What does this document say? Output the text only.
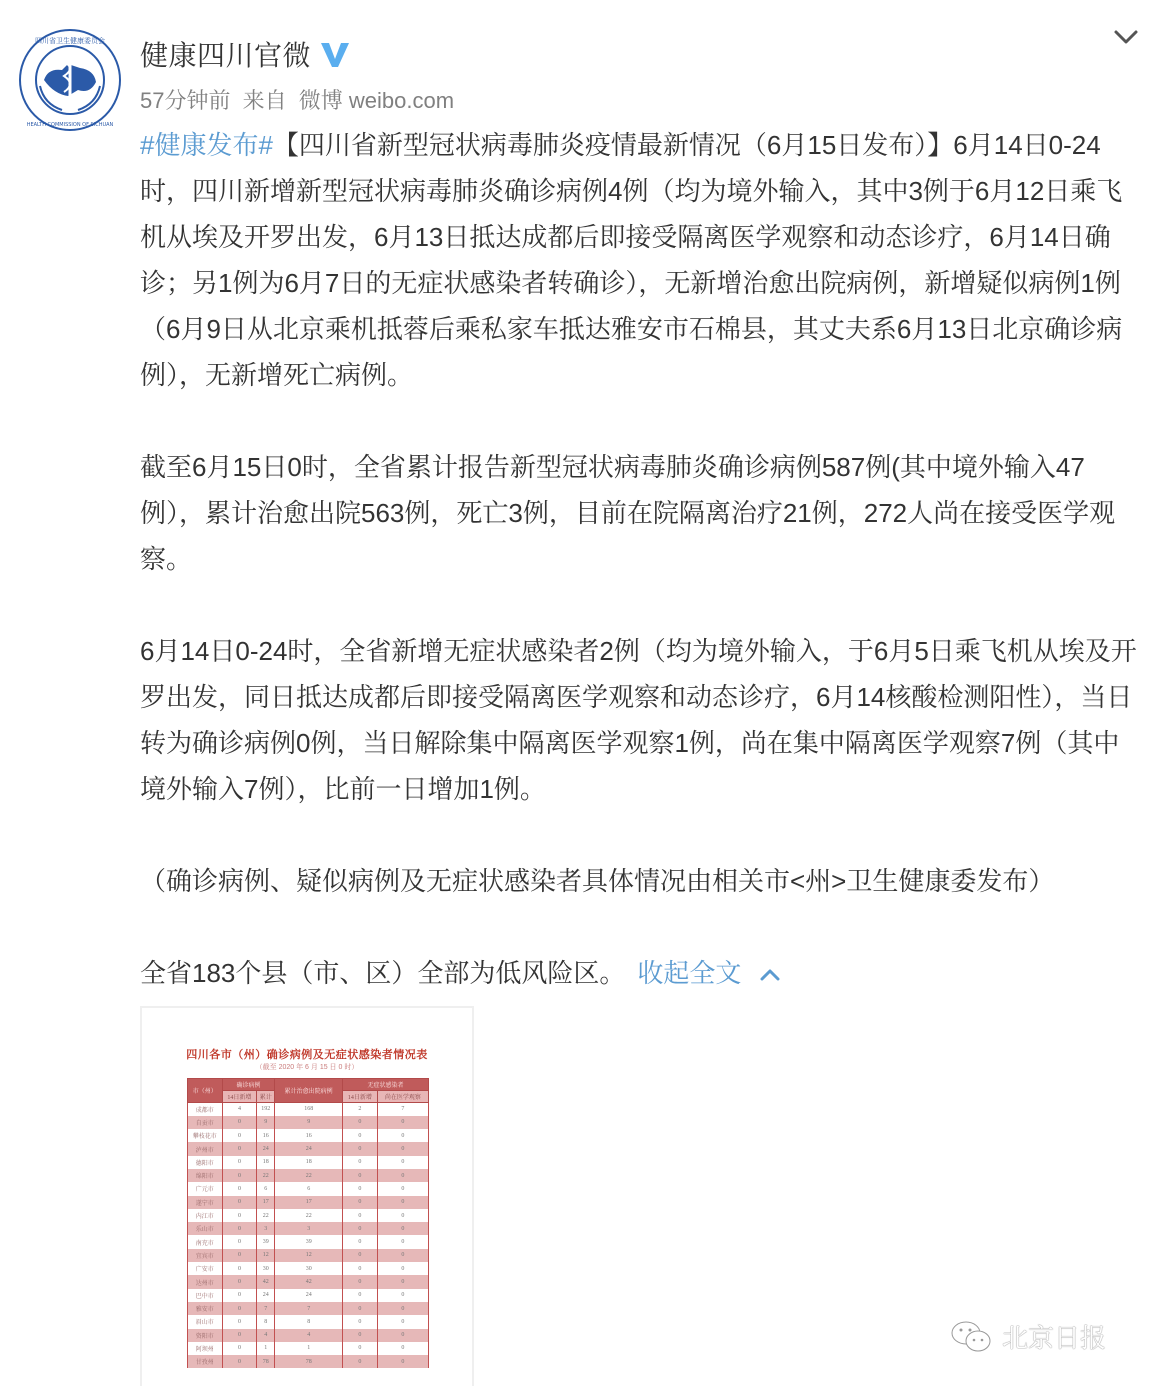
四川省卫生健康委员会
HEALTH COMMISSION OF SICHUAN
健康四川官微
57分钟前 来自 微博 weibo.com

#健康发布#【四川省新型冠状病毒肺炎疫情最新情况（6月15日发布）】6月14日0-24时，四川新增新型冠状病毒肺炎确诊病例4例（均为境外输入，其中3例于6月12日乘飞机从埃及开罗出发，6月13日抵达成都后即接受隔离医学观察和动态诊疗，6月14日确诊；另1例为6月7日的无症状感染者转确诊），无新增治愈出院病例，新增疑似病例1例（6月9日从北京乘机抵蓉后乘私家车抵达雅安市石棉县，其丈夫系6月13日北京确诊病例），无新增死亡病例。

截至6月15日0时，全省累计报告新型冠状病毒肺炎确诊病例587例(其中境外输入47例），累计治愈出院563例，死亡3例，目前在院隔离治疗21例，272人尚在接受医学观察。

6月14日0-24时，全省新增无症状感染者2例（均为境外输入，于6月5日乘飞机从埃及开罗出发，同日抵达成都后即接受隔离医学观察和动态诊疗，6月14核酸检测阳性），当日转为确诊病例0例，当日解除集中隔离医学观察1例，尚在集中隔离医学观察7例（其中境外输入7例），比前一日增加1例。

（确诊病例、疑似病例及无症状感染者具体情况由相关市<州>卫生健康委发布）

全省183个县（市、区）全部为低风险区。 收起全文

四川各市（州）确诊病例及无症状感染者情况表
（截至 2020 年 6 月 15 日 0 时）
市（州）	确诊病例		累计治愈出院病例	无症状感染者	
	14日新增	累计		14日新增	尚在医学观察
成都市	4	192	168	2	7
自贡市	0	9	9	0	0
攀枝花市	0	16	16	0	0
泸州市	0	24	24	0	0
德阳市	0	18	18	0	0
绵阳市	0	22	22	0	0
广元市	0	6	6	0	0
遂宁市	0	17	17	0	0
内江市	0	22	22	0	0
乐山市	0	3	3	0	0
南充市	0	39	39	0	0
宜宾市	0	12	12	0	0
广安市	0	30	30	0	0
达州市	0	42	42	0	0
巴中市	0	24	24	0	0
雅安市	0	7	7	0	0
眉山市	0	8	8	0	0
资阳市	0	4	4	0	0
阿坝州	0	1	1	0	0
甘孜州	0	78	78	0	0
北京日报
